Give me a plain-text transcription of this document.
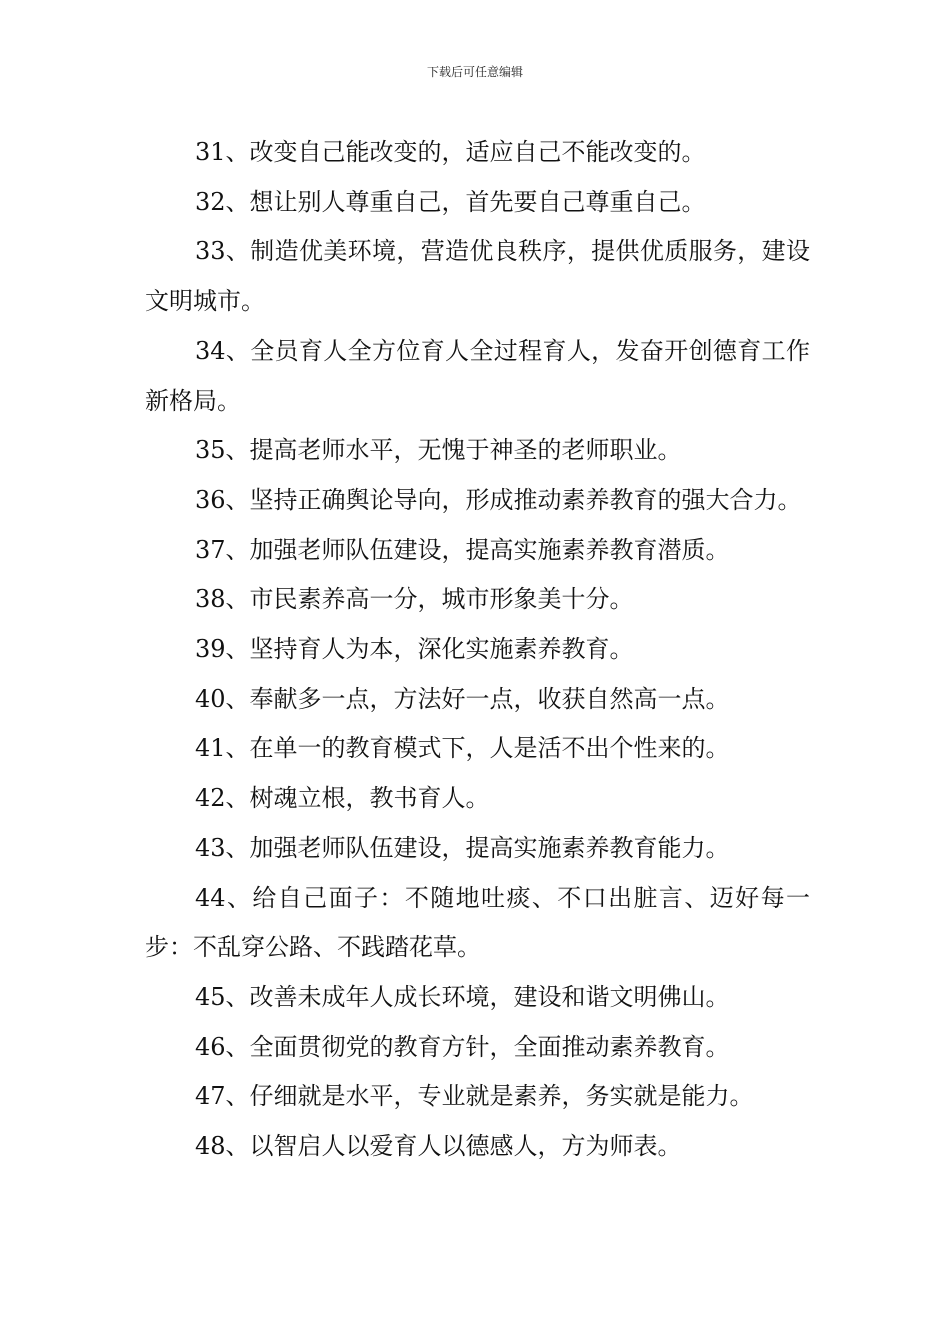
下载后可任意编辑

31、改变自己能改变的，适应自己不能改变的。

32、想让别人尊重自己，首先要自己尊重自己。

33、制造优美环境，营造优良秩序，提供优质服务，建设文明城市。

34、全员育人全方位育人全过程育人，发奋开创德育工作新格局。

35、提高老师水平，无愧于神圣的老师职业。

36、坚持正确舆论导向，形成推动素养教育的强大合力。

37、加强老师队伍建设，提高实施素养教育潜质。

38、市民素养高一分，城市形象美十分。

39、坚持育人为本，深化实施素养教育。

40、奉献多一点，方法好一点，收获自然高一点。

41、在单一的教育模式下，人是活不出个性来的。

42、树魂立根，教书育人。

43、加强老师队伍建设，提高实施素养教育能力。

44、给自己面子：不随地吐痰、不口出脏言、迈好每一步：不乱穿公路、不践踏花草。

45、改善未成年人成长环境，建设和谐文明佛山。

46、全面贯彻党的教育方针，全面推动素养教育。

47、仔细就是水平，专业就是素养，务实就是能力。

48、以智启人以爱育人以德感人，方为师表。
